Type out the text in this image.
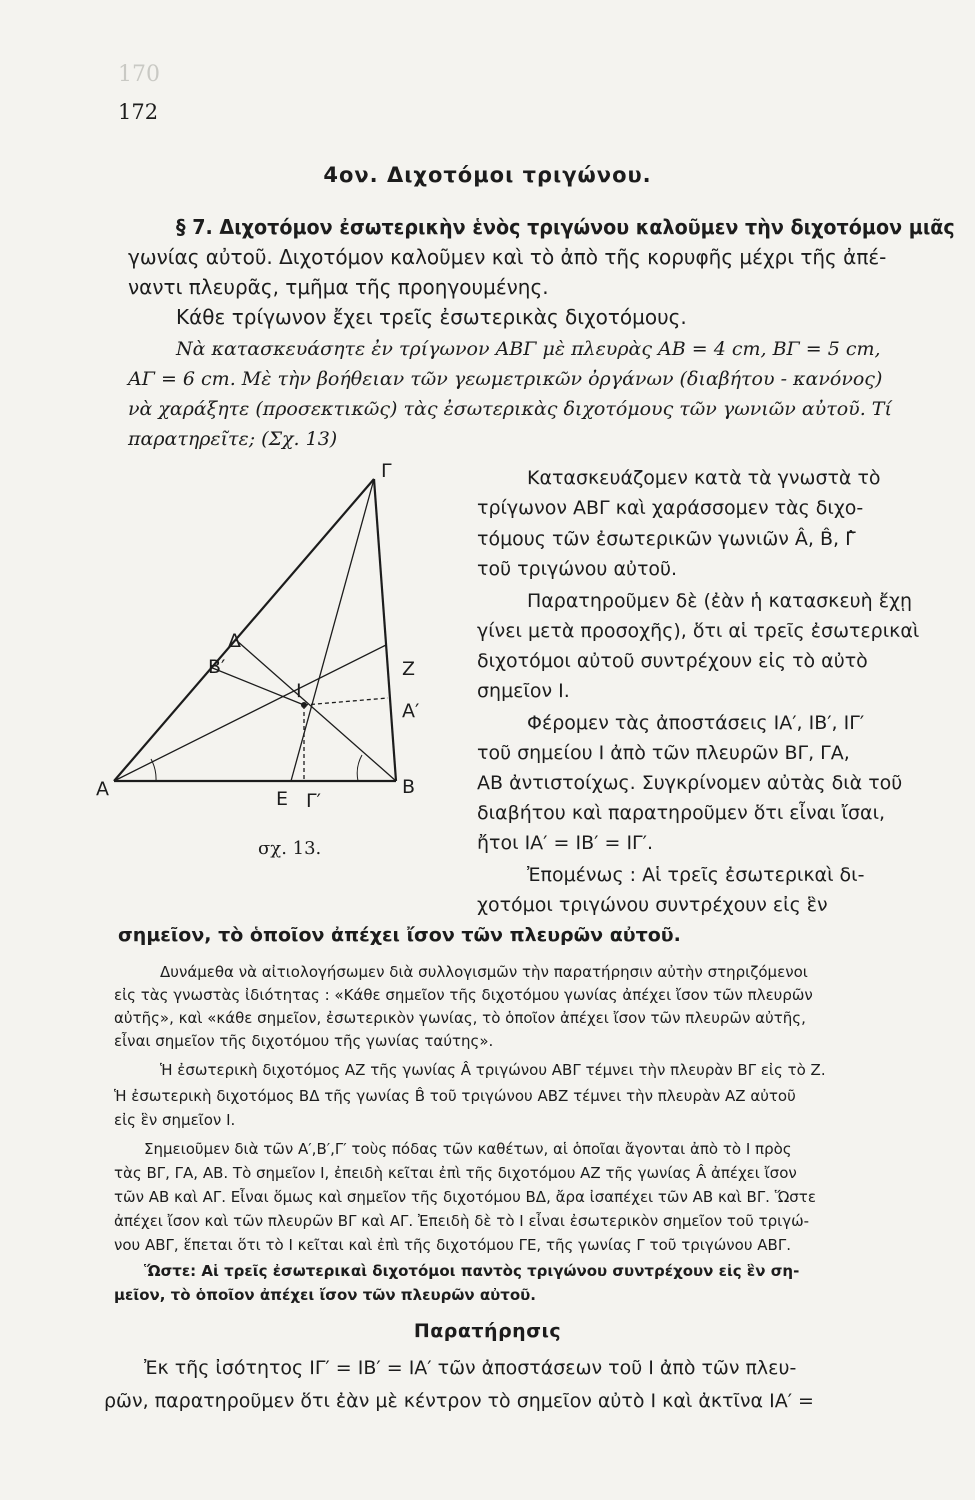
170
172
4ον. Διχοτόμοι τριγώνου.
§ 7. Διχοτόμον ἐσωτερικὴν ἑνὸς τριγώνου καλοῦμεν τὴν διχοτόμον μιᾶς
γωνίας αὐτοῦ. Διχοτόμον καλοῦμεν καὶ τὸ ἀπὸ τῆς κορυφῆς μέχρι τῆς ἀπέ-
ναντι πλευρᾶς, τμῆμα τῆς προηγουμένης.
Κάθε τρίγωνον ἔχει τρεῖς ἐσωτερικὰς διχοτόμους.
Νὰ κατασκευάσητε ἐν τρίγωνον ΑΒΓ μὲ πλευρὰς ΑΒ = 4 cm, ΒΓ = 5 cm,
ΑΓ = 6 cm. Μὲ τὴν βοήθειαν τῶν γεωμετρικῶν ὀργάνων (διαβήτου - κανόνος)
νὰ χαράξητε (προσεκτικῶς) τὰς ἐσωτερικὰς διχοτόμους τῶν γωνιῶν αὐτοῦ. Τί
παρατηρεῖτε; (Σχ. 13)
Κατασκευάζομεν κατὰ τὰ γνωστὰ τὸ
τρίγωνον ΑΒΓ καὶ χαράσσομεν τὰς διχο-
τόμους τῶν ἐσωτερικῶν γωνιῶν Â, B̂, Γ̂
τοῦ τριγώνου αὐτοῦ.
Παρατηροῦμεν δὲ (ἐὰν ἡ κατασκευὴ ἔχῃ
γίνει μετὰ προσοχῆς), ὅτι αἱ τρεῖς ἐσωτερικαὶ
διχοτόμοι αὐτοῦ συντρέχουν εἰς τὸ αὐτὸ
σημεῖον Ι.
Φέρομεν τὰς ἀποστάσεις ΙΑ′, ΙΒ′, ΙΓ′
τοῦ σημείου Ι ἀπὸ τῶν πλευρῶν ΒΓ, ΓΑ,
ΑΒ ἀντιστοίχως. Συγκρίνομεν αὐτὰς διὰ τοῦ
διαβήτου καὶ παρατηροῦμεν ὅτι εἶναι ἴσαι,
ἤτοι ΙΑ′ = ΙΒ′ = ΙΓ′.
Ἐπομένως : Αἱ τρεῖς ἐσωτερικαὶ δι-
χοτόμοι τριγώνου συντρέχουν εἰς ἓν
σημεῖον, τὸ ὁποῖον ἀπέχει ἴσον τῶν πλευρῶν αὐτοῦ.
Α	Β
Γ
Δ
Β′	Ζ
Ι
Α′
Ε Γ′
σχ. 13.
Δυνάμεθα νὰ αἰτιολογήσωμεν διὰ συλλογισμῶν τὴν παρατήρησιν αὐτὴν στηριζόμενοι
εἰς τὰς γνωστὰς ἰδιότητας : «Κάθε σημεῖον τῆς διχοτόμου γωνίας ἀπέχει ἴσον τῶν πλευρῶν
αὐτῆς», καὶ «κάθε σημεῖον, ἐσωτερικὸν γωνίας, τὸ ὁποῖον ἀπέχει ἴσον τῶν πλευρῶν αὐτῆς,
εἶναι σημεῖον τῆς διχοτόμου τῆς γωνίας ταύτης».
Ἡ ἐσωτερικὴ διχοτόμος ΑΖ τῆς γωνίας Â τριγώνου ΑΒΓ τέμνει τὴν πλευρὰν ΒΓ εἰς τὸ Ζ.
Ἡ ἐσωτερικὴ διχοτόμος ΒΔ τῆς γωνίας B̂ τοῦ τριγώνου ΑΒΖ τέμνει τὴν πλευρὰν ΑΖ αὐτοῦ
εἰς ἓν σημεῖον Ι.
Σημειοῦμεν διὰ τῶν Α′,Β′,Γ′ τοὺς πόδας τῶν καθέτων, αἱ ὁποῖαι ἄγονται ἀπὸ τὸ Ι πρὸς
τὰς ΒΓ, ΓΑ, ΑΒ. Τὸ σημεῖον Ι, ἐπειδὴ κεῖται ἐπὶ τῆς διχοτόμου ΑΖ τῆς γωνίας Â ἀπέχει ἴσον
τῶν ΑΒ καὶ ΑΓ. Εἶναι ὅμως καὶ σημεῖον τῆς διχοτόμου ΒΔ, ἄρα ἰσαπέχει τῶν ΑΒ καὶ ΒΓ. Ὥστε
ἀπέχει ἴσον καὶ τῶν πλευρῶν ΒΓ καὶ ΑΓ. Ἐπειδὴ δὲ τὸ Ι εἶναι ἐσωτερικὸν σημεῖον τοῦ τριγώ-
νου ΑΒΓ, ἕπεται ὅτι τὸ Ι κεῖται καὶ ἐπὶ τῆς διχοτόμου ΓΕ, τῆς γωνίας Γ τοῦ τριγώνου ΑΒΓ.
Ὥστε: Αἱ τρεῖς ἐσωτερικαὶ διχοτόμοι παντὸς τριγώνου συντρέχουν εἰς ἓν ση-
μεῖον, τὸ ὁποῖον ἀπέχει ἴσον τῶν πλευρῶν αὐτοῦ.
Παρατήρησις
Ἐκ τῆς ἰσότητος ΙΓ′ = ΙΒ′ = ΙΑ′ τῶν ἀποστάσεων τοῦ Ι ἀπὸ τῶν πλευ-
ρῶν, παρατηροῦμεν ὅτι ἐὰν μὲ κέντρον τὸ σημεῖον αὐτὸ Ι καὶ ἀκτῖνα ΙΑ′ =
